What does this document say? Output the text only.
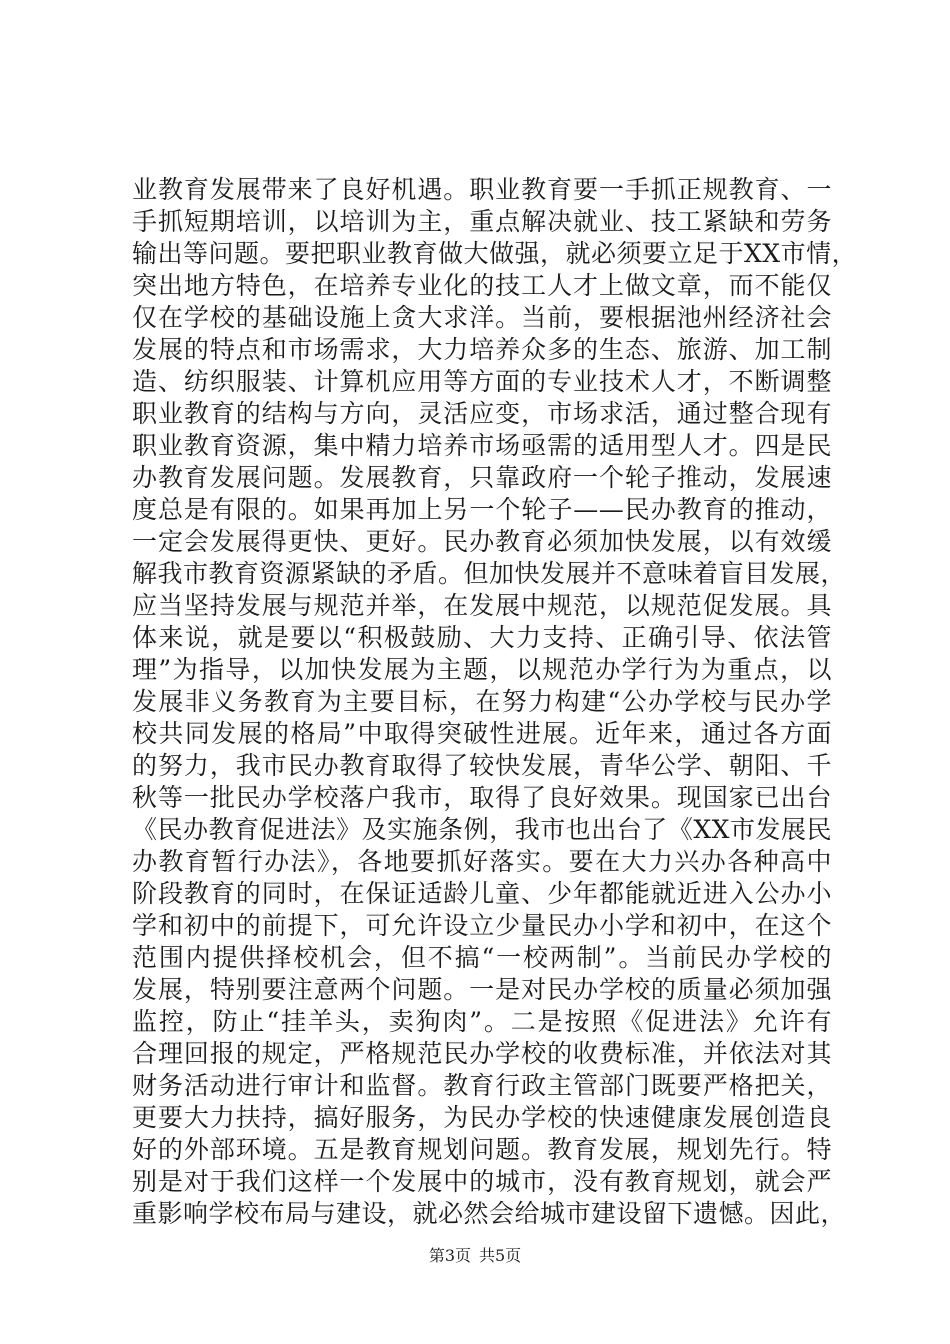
业教育发展带来了良好机遇。职业教育要一手抓正规教育、一
手抓短期培训，以培训为主，重点解决就业、技工紧缺和劳务
输出等问题。要把职业教育做大做强，就必须要立足于XX市情，
突出地方特色，在培养专业化的技工人才上做文章，而不能仅
仅在学校的基础设施上贪大求洋。当前，要根据池州经济社会
发展的特点和市场需求，大力培养众多的生态、旅游、加工制
造、纺织服装、计算机应用等方面的专业技术人才，不断调整
职业教育的结构与方向，灵活应变，市场求活，通过整合现有
职业教育资源，集中精力培养市场亟需的适用型人才。四是民
办教育发展问题。发展教育，只靠政府一个轮子推动，发展速
度总是有限的。如果再加上另一个轮子——民办教育的推动，
一定会发展得更快、更好。民办教育必须加快发展，以有效缓
解我市教育资源紧缺的矛盾。但加快发展并不意味着盲目发展，
应当坚持发展与规范并举，在发展中规范，以规范促发展。具
体来说，就是要以“积极鼓励、大力支持、正确引导、依法管
理”为指导，以加快发展为主题，以规范办学行为为重点，以
发展非义务教育为主要目标，在努力构建“公办学校与民办学
校共同发展的格局”中取得突破性进展。近年来，通过各方面
的努力，我市民办教育取得了较快发展，青华公学、朝阳、千
秋等一批民办学校落户我市，取得了良好效果。现国家已出台
《民办教育促进法》及实施条例，我市也出台了《XX市发展民
办教育暂行办法》，各地要抓好落实。要在大力兴办各种高中
阶段教育的同时，在保证适龄儿童、少年都能就近进入公办小
学和初中的前提下，可允许设立少量民办小学和初中，在这个
范围内提供择校机会，但不搞“一校两制”。当前民办学校的
发展，特别要注意两个问题。一是对民办学校的质量必须加强
监控，防止“挂羊头，卖狗肉”。二是按照《促进法》允许有
合理回报的规定，严格规范民办学校的收费标准，并依法对其
财务活动进行审计和监督。教育行政主管部门既要严格把关，
更要大力扶持，搞好服务，为民办学校的快速健康发展创造良
好的外部环境。五是教育规划问题。教育发展，规划先行。特
别是对于我们这样一个发展中的城市，没有教育规划，就会严
重影响学校布局与建设，就必然会给城市建设留下遗憾。因此，
第3页 共5页
